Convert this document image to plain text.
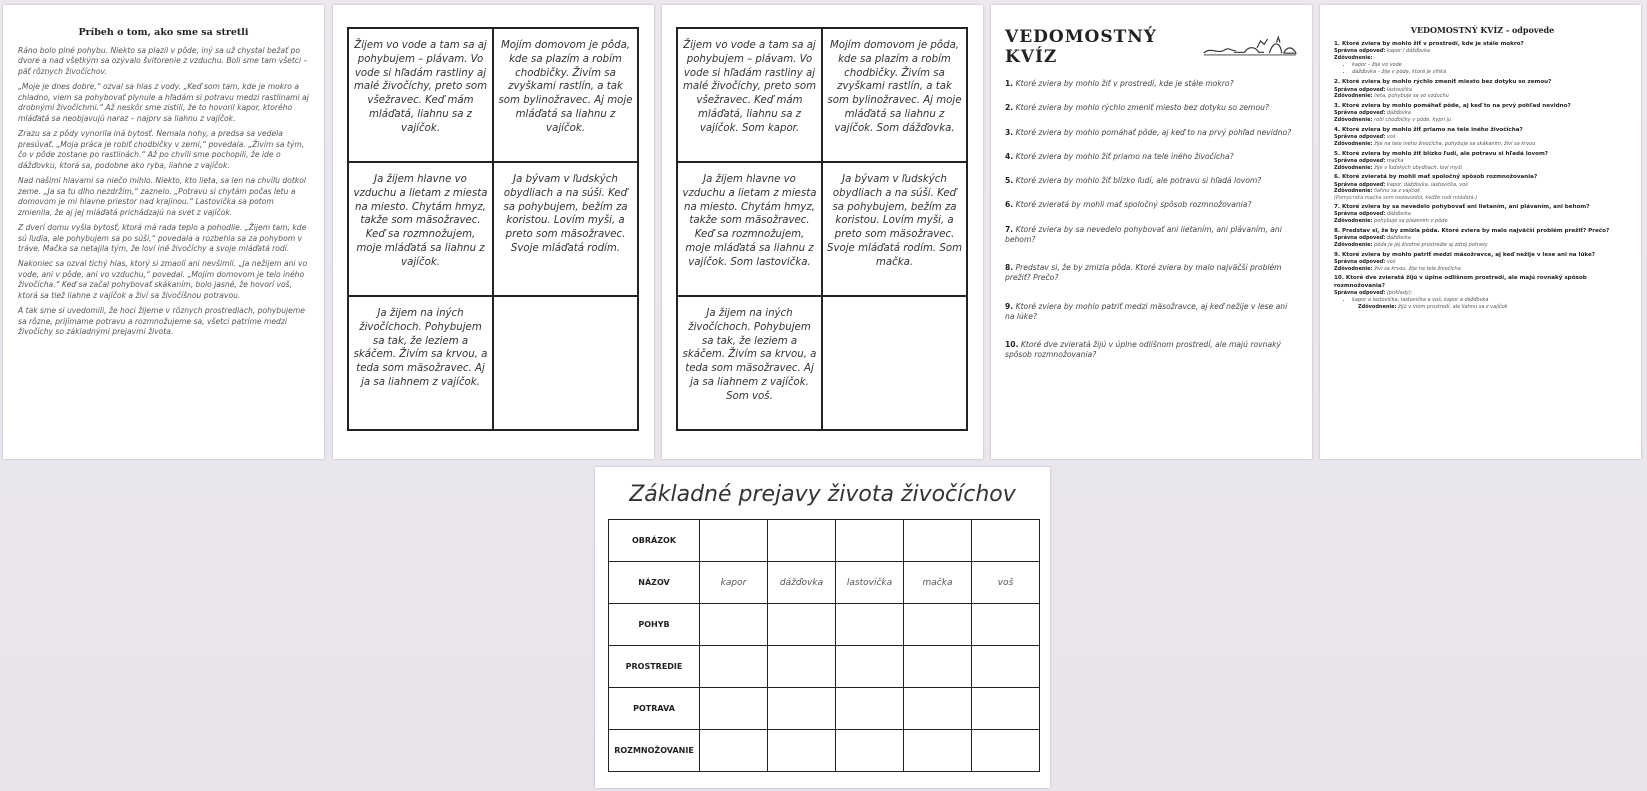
Príbeh o tom, ako sme sa stretli

Ráno bolo plné pohybu. Niekto sa plazil v pôde, iný sa už chystal bežať po dvore a nad všetkým sa ozývalo švitorenie z vzduchu. Boli sme tam všetci – päť rôznych živočíchov.

„Moje je dnes dobre,“ ozval sa hlas z vody. „Keď som tam, kde je mokro a chladno, viem sa pohybovať plynule a hľadám si potravu medzi rastlinami aj drobnými živočíchmi.“ Až neskôr sme zistili, že to hovoril kapor, ktorého mláďatá sa neobjavujú naraz – najprv sa liahnu z vajíčok.

Zrazu sa z pôdy vynorila iná bytosť. Nemala nohy, a predsa sa vedela presúvať. „Moja práca je robiť chodbičky v zemi,“ povedala. „Živím sa tým, čo v pôde zostane po rastlinách.“ Až po chvíli sme pochopili, že ide o dážďovku, ktorá sa, podobne ako ryba, liahne z vajíčok.

Nad našimi hlavami sa niečo mihlo. Niekto, kto lieta, sa len na chvíľu dotkol zeme. „Ja sa tu dlho nezdržím,“ zaznelo. „Potravu si chytám počas letu a domovom je mi hlavne priestor nad krajinou.“ Lastovička sa potom zmienila, že aj jej mláďatá prichádzajú na svet z vajíčok.

Z dverí domu vyšla bytosť, ktorá má rada teplo a pohodlie. „Žijem tam, kde sú ľudia, ale pohybujem sa po súši,“ povedala a rozbehla sa za pohybom v tráve. Mačka sa netajila tým, že loví iné živočíchy a svoje mláďatá rodí.

Nakoniec sa ozval tichý hlas, ktorý si zmaolí ani nevšimli. „Ja nežijem ani vo vode, ani v pôde, ani vo vzduchu,“ povedal. „Mojím domovom je telo iného živočícha.“ Keď sa začal pohybovať skákaním, bolo jasné, že hovorí voš, ktorá sa tiež liahne z vajíčok a živí sa živočíšnou potravou.

A tak sme si uvedomili, že hoci žijeme v rôznych prostrediach, pohybujeme sa rôzne, prijímame potravu a rozmnožujeme sa, všetci patríme medzi živočíchy so základnými prejavmi života.

Žijem vo vode a tam sa aj pohybujem – plávam. Vo vode si hľadám rastliny aj malé živočíchy, preto som všežravec. Keď mám mláďatá, liahnu sa z vajíčok.
Mojím domovom je pôda, kde sa plazím a robím chodbičky. Živím sa zvyškami rastlín, a tak som bylinožravec. Aj moje mláďatá sa liahnu z vajíčok.
Ja žijem hlavne vo vzduchu a lietam z miesta na miesto. Chytám hmyz, takže som mäsožravec. Keď sa rozmnožujem, moje mláďatá sa liahnu z vajíčok.
Ja bývam v ľudských obydliach a na súši. Keď sa pohybujem, bežím za koristou. Lovím myši, a preto som mäsožravec. Svoje mláďatá rodím.
Ja žijem na iných živočíchoch. Pohybujem sa tak, že leziem a skáčem. Živím sa krvou, a teda som mäsožravec. Aj ja sa liahnem z vajíčok.
Žijem vo vode a tam sa aj pohybujem – plávam. Vo vode si hľadám rastliny aj malé živočíchy, preto som všežravec. Keď mám mláďatá, liahnu sa z vajíčok. Som kapor.
Mojím domovom je pôda, kde sa plazím a robím chodbičky. Živím sa zvyškami rastlín, a tak som bylinožravec. Aj moje mláďatá sa liahnu z vajíčok. Som dážďovka.
Ja žijem hlavne vo vzduchu a lietam z miesta na miesto. Chytám hmyz, takže som mäsožravec. Keď sa rozmnožujem, moje mláďatá sa liahnu z vajíčok. Som lastovička.
Ja bývam v ľudských obydliach a na súši. Keď sa pohybujem, bežím za koristou. Lovím myši, a preto som mäsožravec. Svoje mláďatá rodím. Som mačka.
Ja žijem na iných živočíchoch. Pohybujem sa tak, že leziem a skáčem. Živím sa krvou, a teda som mäsožravec. Aj ja sa liahnem z vajíčok. Som voš.
VEDOMOSTNÝ KVÍZ
1. Ktoré zviera by mohlo žiť v prostredí, kde je stále mokro?
2. Ktoré zviera by mohlo rýchlo zmeniť miesto bez dotyku so zemou?
3. Ktoré zviera by mohlo pomáhať pôde, aj keď to na prvý pohľad nevidno?
4. Ktoré zviera by mohlo žiť priamo na tele iného živočícha?
5. Ktoré zviera by mohlo žiť blízko ľudí, ale potravu si hľadá lovom?
6. Ktoré zvieratá by mohli mať spoločný spôsob rozmnožovania?
7. Ktoré zviera by sa nevedelo pohybovať ani lietaním, ani plávaním, ani behom?
8. Predstav si, že by zmizla pôda. Ktoré zviera by malo najväčší problém prežiť? Prečo?
9. Ktoré zviera by mohlo patriť medzi mäsožravce, aj keď nežije v lese ani na lúke?
10. Ktoré dve zvieratá žijú v úplne odlišnom prostredí, ale majú rovnaký spôsob rozmnožovania?
VEDOMOSTNÝ KVÍZ - odpovede
1. Ktoré zviera by mohlo žiť v prostredí, kde je stále mokro?
Správna odpoveď: kapor / dážďovka
Zdôvodnenie:
• kapor – žije vo vode
• dážďovka – žije v pôde, ktorá je vlhká
2. Ktoré zviera by mohlo rýchlo zmeniť miesto bez dotyku so zemou?
Správna odpoveď: lastovička
Zdôvodnenie: lieta, pohybuje sa vo vzduchu
3. Ktoré zviera by mohlo pomáhať pôde, aj keď to na prvý pohľad nevidno?
Správna odpoveď: dážďovka
Zdôvodnenie: robí chodbičky v pôde, kyprí ju
4. Ktoré zviera by mohlo žiť priamo na tele iného živočícha?
Správna odpoveď: voš
Zdôvodnenie: žije na tele iného živočícha, pohybuje sa skákaním, živí sa krvou
5. Ktoré zviera by mohlo žiť blízko ľudí, ale potravu si hľadá lovom?
Správna odpoveď: mačka
Zdôvodnenie: žije v ľudských obydliach, loví myši
6. Ktoré zvieratá by mohli mať spoločný spôsob rozmnožovania?
Správna odpoveď: kapor, dážďovka, lastovička, voš
Zdôvodnenie: liahnu sa z vajíčok
(Pomocníka mačka som nezaviedol, keďže rodí mláďatá.)
7. Ktoré zviera by sa nevedelo pohybovať ani lietaním, ani plávaním, ani behom?
Správna odpoveď: dážďovka
Zdôvodnenie: pohybuje sa plazením v pôde
8. Predstav si, že by zmizla pôda. Ktoré zviera by malo najväčší problém prežiť? Prečo?
Správna odpoveď: dážďovka
Zdôvodnenie: pôda je jej životné prostredie aj zdroj potravy
9. Ktoré zviera by mohlo patriť medzi mäsožravce, aj keď nežije v lese ani na lúke?
Správna odpoveď: voš
Zdôvodnenie: živí sa krvou, žije na tele živočícha
10. Ktoré dve zvieratá žijú v úplne odlišnom prostredí, ale majú rovnaký spôsob rozmnožovania?
Správna odpoveď: (príklady):
• kapor a lastovička, lastovička a voš, kapor a dážďovka
Zdôvodnenie: žijú v inom prostredí, ale liahnu sa z vajíčok
Základné prejavy života živočíchov
OBRÁZOK					
NÁZOV	kapor	dážďovka	lastovička	mačka	voš
POHYB					
PROSTREDIE					
POTRAVA					
ROZMNOŽOVANIE					
